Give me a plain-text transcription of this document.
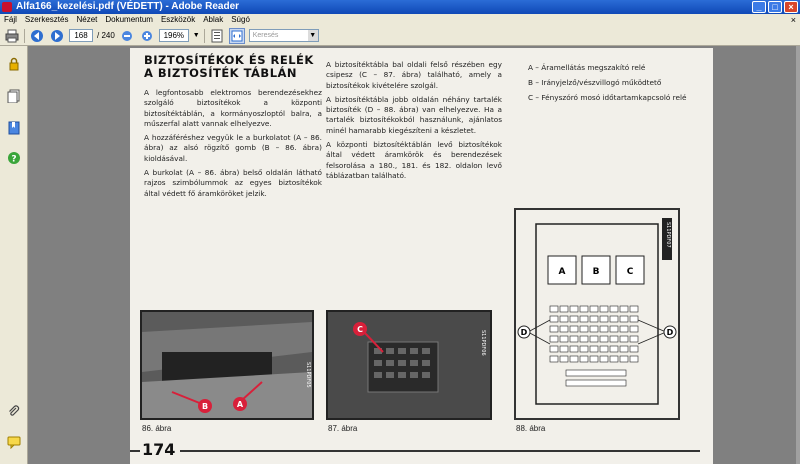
Alfa166_kezelési.pdf (VÉDETT) - Adobe Reader	_	□	×
Fájl Szerkesztés Nézet Dokumentum Eszközök Ablak Súgó	×
168	/ 240	196%	▼	Keresés	▼
?
BIZTOSÍTÉKOK ÉS RELÉK A BIZTOSÍTÉK TÁBLÁN

A legfontosabb elektromos berendezésekhez szolgáló biztosítékok a központi biztosítéktáblán, a kormányoszloptól balra, a műszerfal alatt vannak elhelyezve.

A hozzáféréshez vegyük le a burkolatot (A – 86. ábra) az alsó rögzítő gomb (B – 86. ábra) kioldásával.

A burkolat (A – 86. ábra) belső oldalán látható rajzos szimbólummok az egyes biztosítékok által védett fő áramköröket jelzik.

A biztosítéktábla bal oldali felső részében egy csipesz (C – 87. ábra) található, amely a biztosítékok kivételére szolgál.

A biztosítéktábla jobb oldalán néhány tartalék biztosíték (D – 88. ábra) van elhelyezve. Ha a tartalék biztosítékokból használunk, ajánlatos minél hamarabb kiegészíteni a készletet.

A központi biztosítéktáblán levő biztosítékok által védett áramkörök és berendezések felsorolása a 180., 181. és 182. oldalon levő táblázatban található.

A – Áramellátás megszakító relé
B – Irányjelző/vészvillogó működtető
C – Fényszóró mosó időtartamkapcsoló relé
B	A
S11PDF05
86. ábra
C
S11PDF06
87. ábra
A	B	C
D	D
S11PDF07
88. ábra
174
